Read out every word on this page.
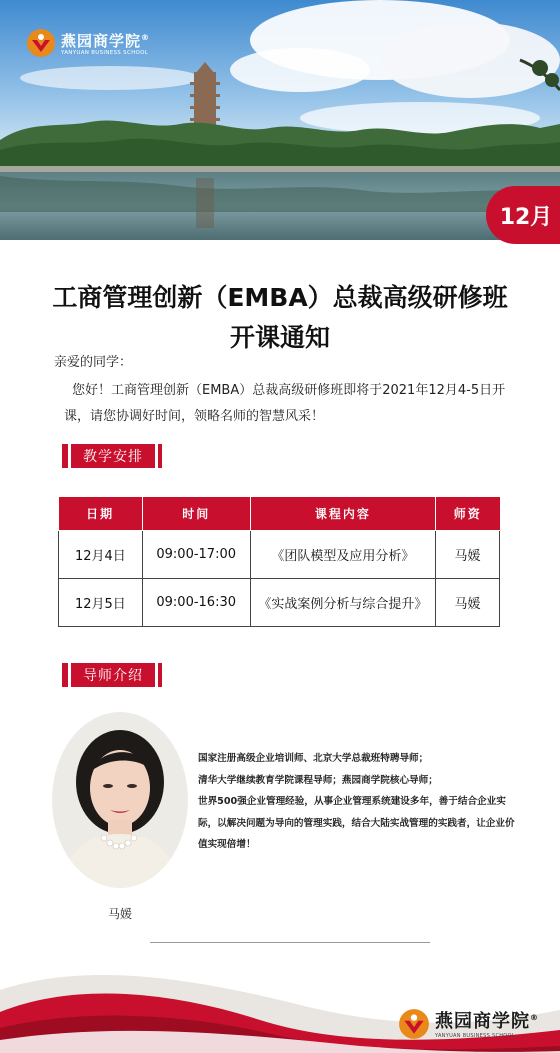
燕园商学院®
YANYUAN BUSINESS SCHOOL
12月
工商管理创新（EMBA）总裁高级研修班
开课通知
亲爱的同学：
您好！工商管理创新（EMBA）总裁高级研修班即将于2021年12月4-5日开课，请您协调好时间，领略名师的智慧风采！
教学安排
日期	时间	课程内容	师资
12月4日	09:00-17:00	《团队模型及应用分析》	马媛
12月5日	09:00-16:30	《实战案例分析与综合提升》	马媛
导师介绍
马媛

国家注册高级企业培训师、北京大学总裁班特聘导师；

清华大学继续教育学院课程导师；燕园商学院核心导师；

世界500强企业管理经验，从事企业管理系统建设多年，善于结合企业实际，以解决问题为导向的管理实践，结合大陆实战管理的实践者，让企业价值实现倍增！

燕园商学院®
YANYUAN BUSINESS SCHOOL
